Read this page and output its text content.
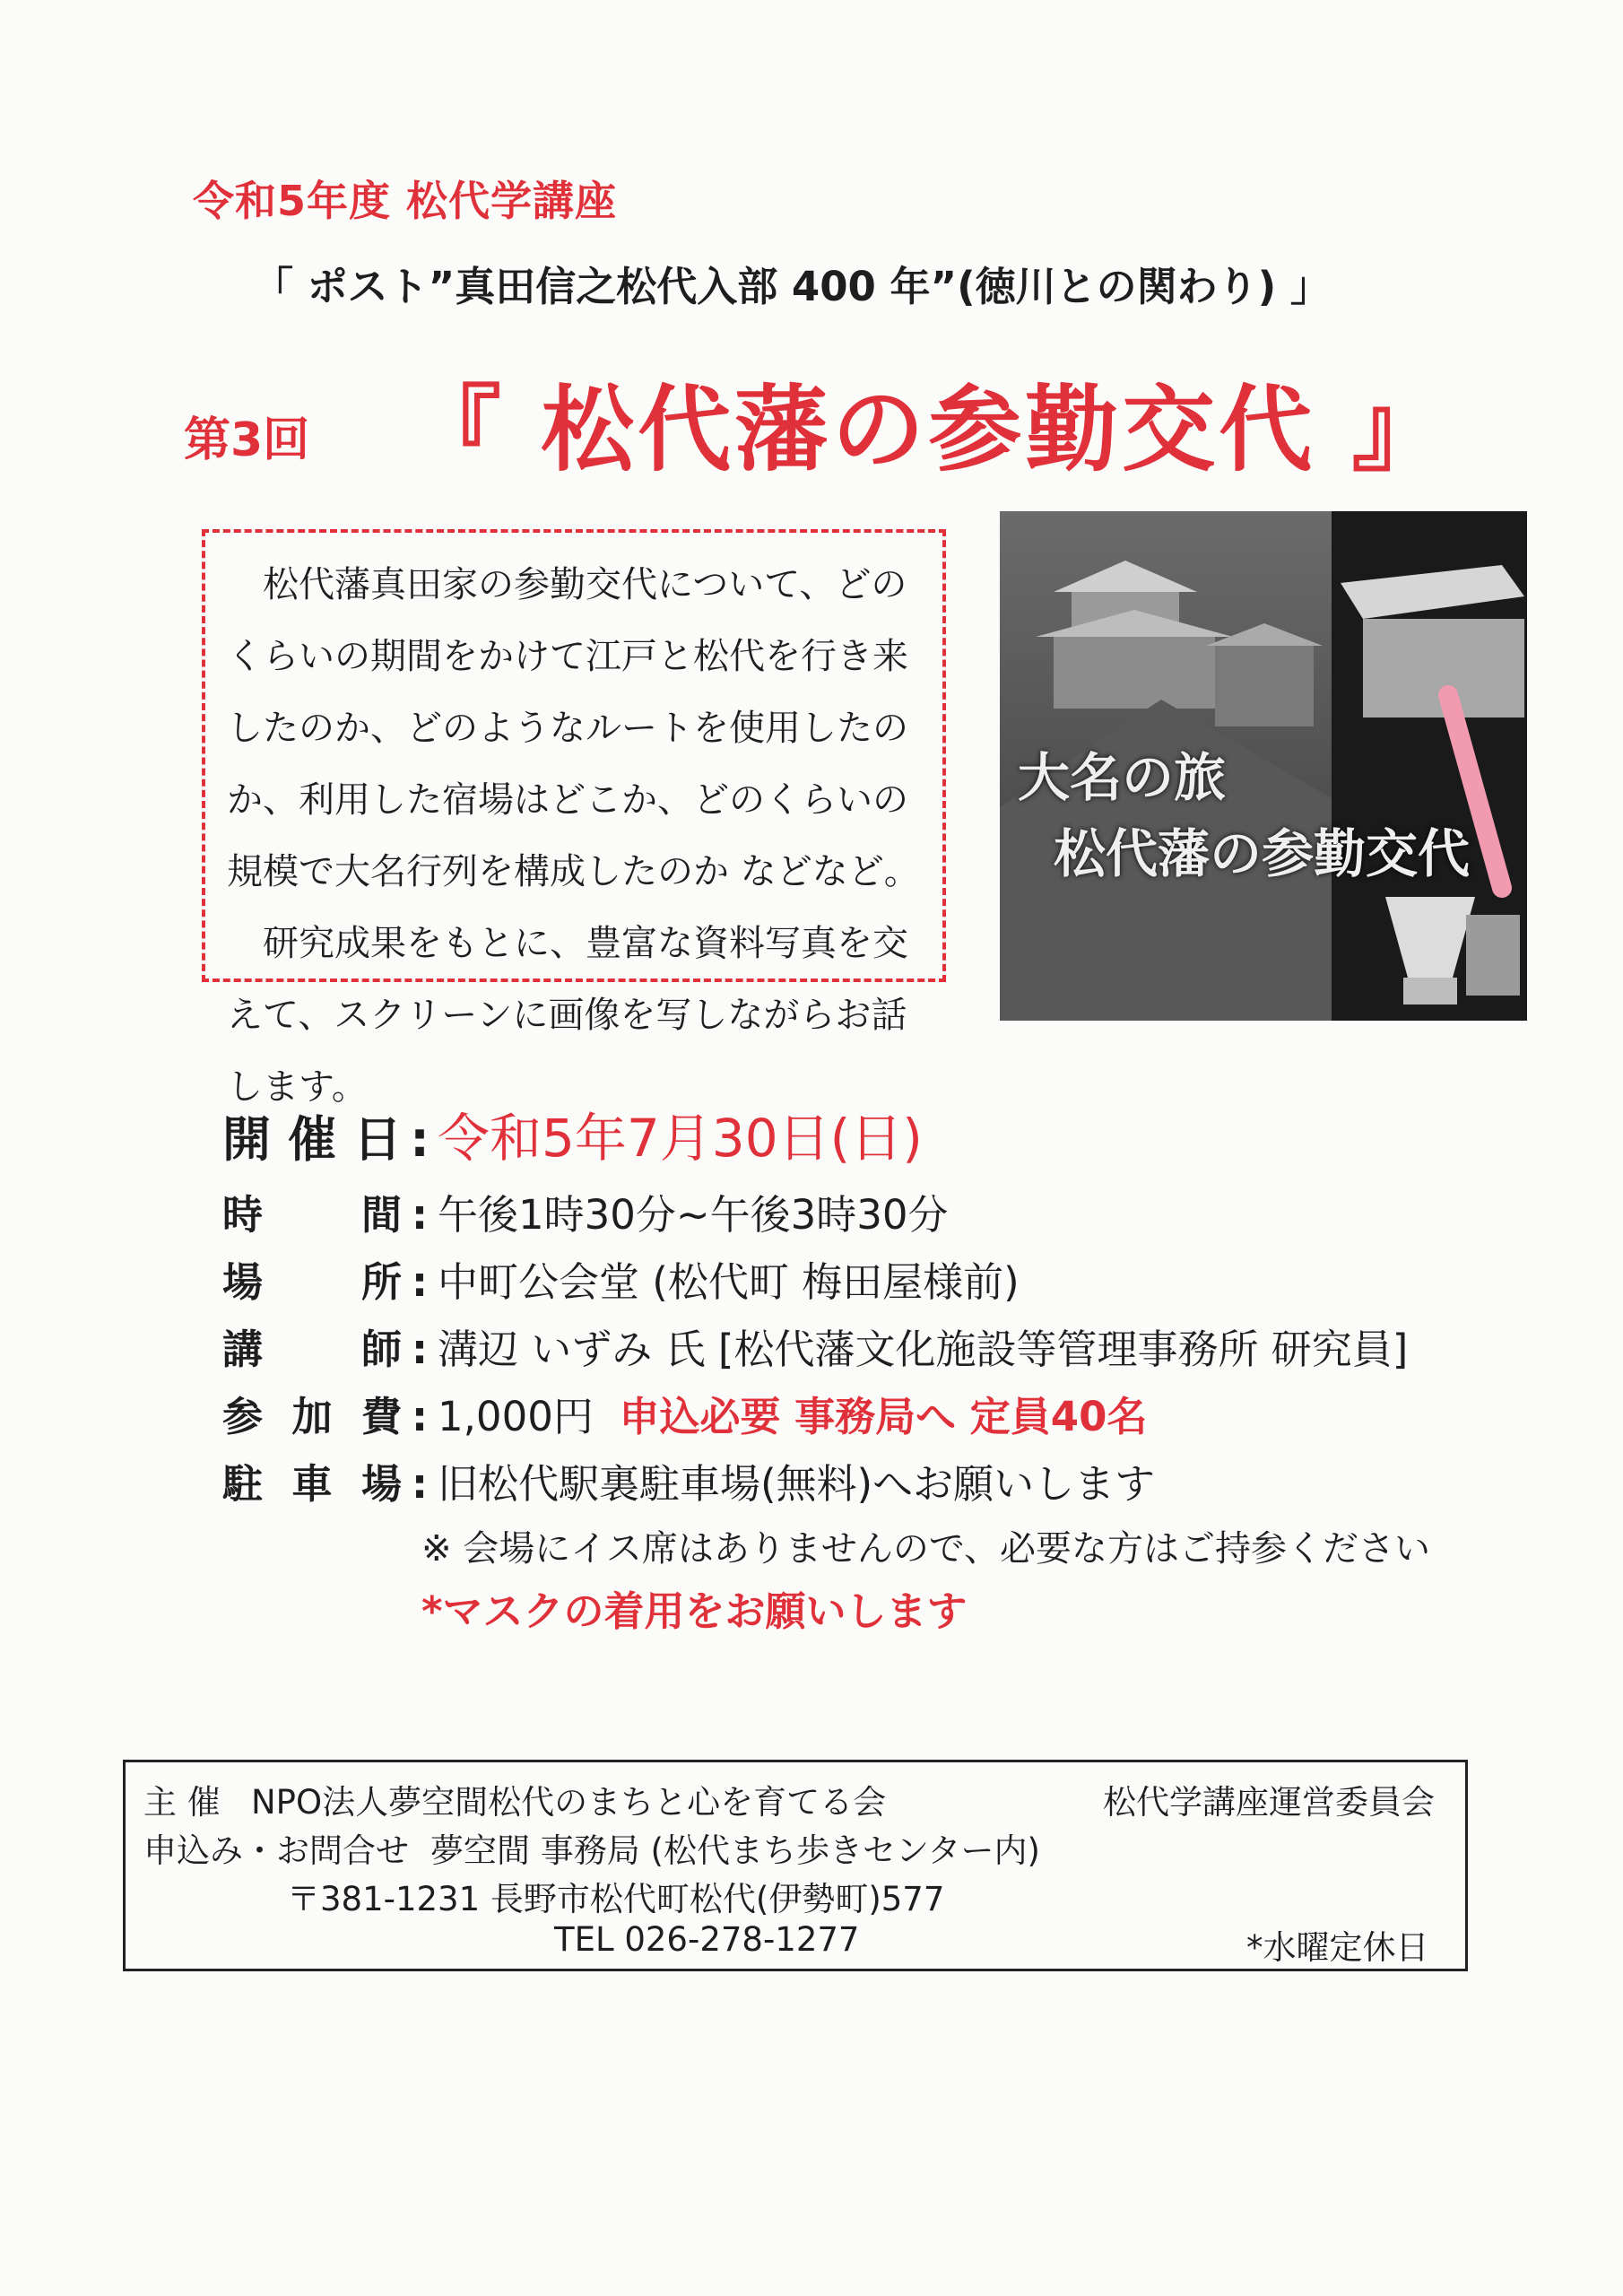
令和5年度 松代学講座
「 ポスト”真田信之松代入部 400 年”(徳川との関わり) 」
第3回 『 松代藩の参勤交代 』

松代藩真田家の参勤交代について、どのくらいの期間をかけて江戸と松代を行き来したのか、どのようなルートを使用したのか、利用した宿場はどこか、どのくらいの規模で大名行列を構成したのか などなど。

研究成果をもとに、豊富な資料写真を交えて、スクリーンに画像を写しながらお話します。

大名の旅
松代藩の参勤交代
開催日 : 令和5年7月30日(日)
時間 : 午後1時30分~午後3時30分
場所 : 中町公会堂 (松代町 梅田屋様前)
講師 : 溝辺 いずみ 氏 [松代藩文化施設等管理事務所 研究員]
参加費 : 1,000円 申込必要 事務局へ 定員40名
駐車場 : 旧松代駅裏駐車場(無料)へお願いします
※ 会場にイス席はありませんので、必要な方はご持参ください
*マスクの着用をお願いします
主 催 NPO法人夢空間松代のまちと心を育てる会	松代学講座運営委員会
申込み・お問合せ 夢空間 事務局 (松代まち歩きセンター内)
〒381-1231 長野市松代町松代(伊勢町)577
TEL 026-278-1277	*水曜定休日
